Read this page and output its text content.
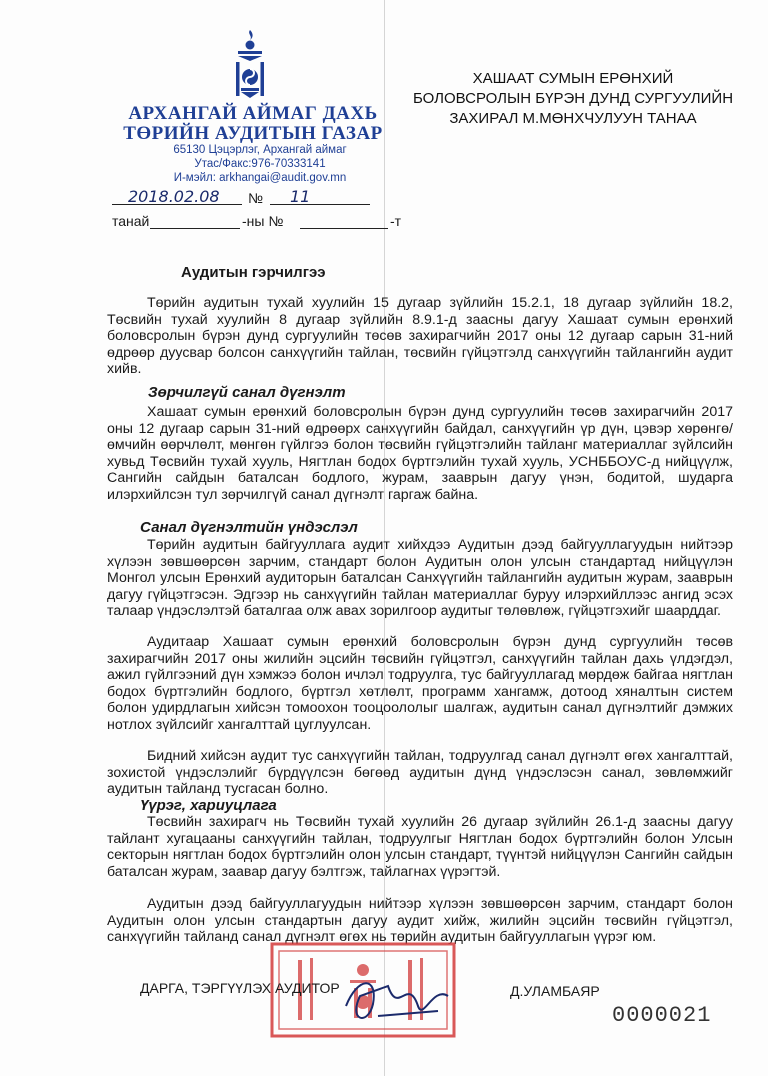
АРХАНГАЙ АЙМАГ ДАХЬ
ТӨРИЙН АУДИТЫН ГАЗАР
65130 Цэцэрлэг, Архангай аймаг
Утас/Факс:976-70333141
И-мэйл: arkhangai@audit.gov.mn
ХАШААТ СУМЫН ЕРӨНХИЙ
БОЛОВСРОЛЫН БҮРЭН ДУНД СУРГУУЛИЙН
ЗАХИРАЛ М.МӨНХЧУЛУУН ТАНАА
2018.02.08 № 11
танай	-ны №	-т
Аудитын гэрчилгээ

Төрийн аудитын тухай хуулийн 15 дугаар зүйлийн 15.2.1, 18 дугаар зүйлийн 18.2, Төсвийн тухай хуулийн 8 дугаар зүйлийн 8.9.1-д заасны дагуу Хашаат сумын ерөнхий боловсролын бүрэн дунд сургуулийн төсөв захирагчийн 2017 оны 12 дугаар сарын 31-ний өдрөөр дуусвар болсон санхүүгийн тайлан, төсвийн гүйцэтгэлд санхүүгийн тайлангийн аудит хийв.

Зөрчилгүй санал дүгнэлт

Хашаат сумын ерөнхий боловсролын бүрэн дунд сургуулийн төсөв захирагчийн 2017 оны 12 дугаар сарын 31-ний өдрөөрх санхүүгийн байдал, санхүүгийн үр дүн, цэвэр хөрөнгө/өмчийн өөрчлөлт, мөнгөн гүйлгээ болон төсвийн гүйцэтгэлийн тайланг материаллаг зүйлсийн хувьд Төсвийн тухай хууль, Нягтлан бодох бүртгэлийн тухай хууль, УСНББОУС-д нийцүүлж, Сангийн сайдын баталсан бодлого, журам, зааврын дагуу үнэн, бодитой, шударга илэрхийлсэн тул зөрчилгүй санал дүгнэлт гаргаж байна.

Санал дүгнэлтийн үндэслэл

Төрийн аудитын байгууллага аудит хийхдээ Аудитын дээд байгууллагуудын нийтээр хүлээн зөвшөөрсөн зарчим, стандарт болон Аудитын олон улсын стандартад нийцүүлэн Монгол улсын Ерөнхий аудиторын баталсан Санхүүгийн тайлангийн аудитын журам, зааврын дагуу гүйцэтгэсэн. Эдгээр нь санхүүгийн тайлан материаллаг буруу илэрхийллээс ангид эсэх талаар үндэслэлтэй баталгаа олж авах зорилгоор аудитыг төлөвлөж, гүйцэтгэхийг шаарддаг.

Аудитаар Хашаат сумын ерөнхий боловсролын бүрэн дунд сургуулийн төсөв захирагчийн 2017 оны жилийн эцсийн төсвийн гүйцэтгэл, санхүүгийн тайлан дахь үлдэгдэл, ажил гүйлгээний дүн хэмжээ болон ичлэл тодруулга, тус байгууллагад мөрдөж байгаа нягтлан бодох бүртгэлийн бодлого, бүртгэл хөтлөлт, программ хангамж, дотоод хяналтын систем болон удирдлагын хийсэн томоохон тооцоололыг шалгаж, аудитын санал дүгнэлтийг дэмжих нотлох зүйлсийг хангалттай цуглуулсан.

Бидний хийсэн аудит тус санхүүгийн тайлан, тодруулгад санал дүгнэлт өгөх хангалттай, зохистой үндэслэлийг бүрдүүлсэн бөгөөд аудитын дүнд үндэслэсэн санал, зөвлөмжийг аудитын тайланд тусгасан болно.

Үүрэг, хариуцлага

Төсвийн захирагч нь Төсвийн тухай хуулийн 26 дугаар зүйлийн 26.1-д заасны дагуу тайлант хугацааны санхүүгийн тайлан, тодруулгыг Нягтлан бодох бүртгэлийн болон Улсын секторын нягтлан бодох бүртгэлийн олон улсын стандарт, түүнтэй нийцүүлэн Сангийн сайдын баталсан журам, заавар дагуу бэлтгэж, тайлагнах үүрэгтэй.

Аудитын дээд байгууллагуудын нийтээр хүлээн зөвшөөрсөн зарчим, стандарт болон Аудитын олон улсын стандартын дагуу аудит хийж, жилийн эцсийн төсвийн гүйцэтгэл, санхүүгийн тайланд санал дүгнэлт өгөх нь төрийн аудитын байгууллагын үүрэг юм.

ДАРГА, ТЭРГҮҮЛЭХ АУДИТОР	Д.УЛАМБАЯР
0000021
